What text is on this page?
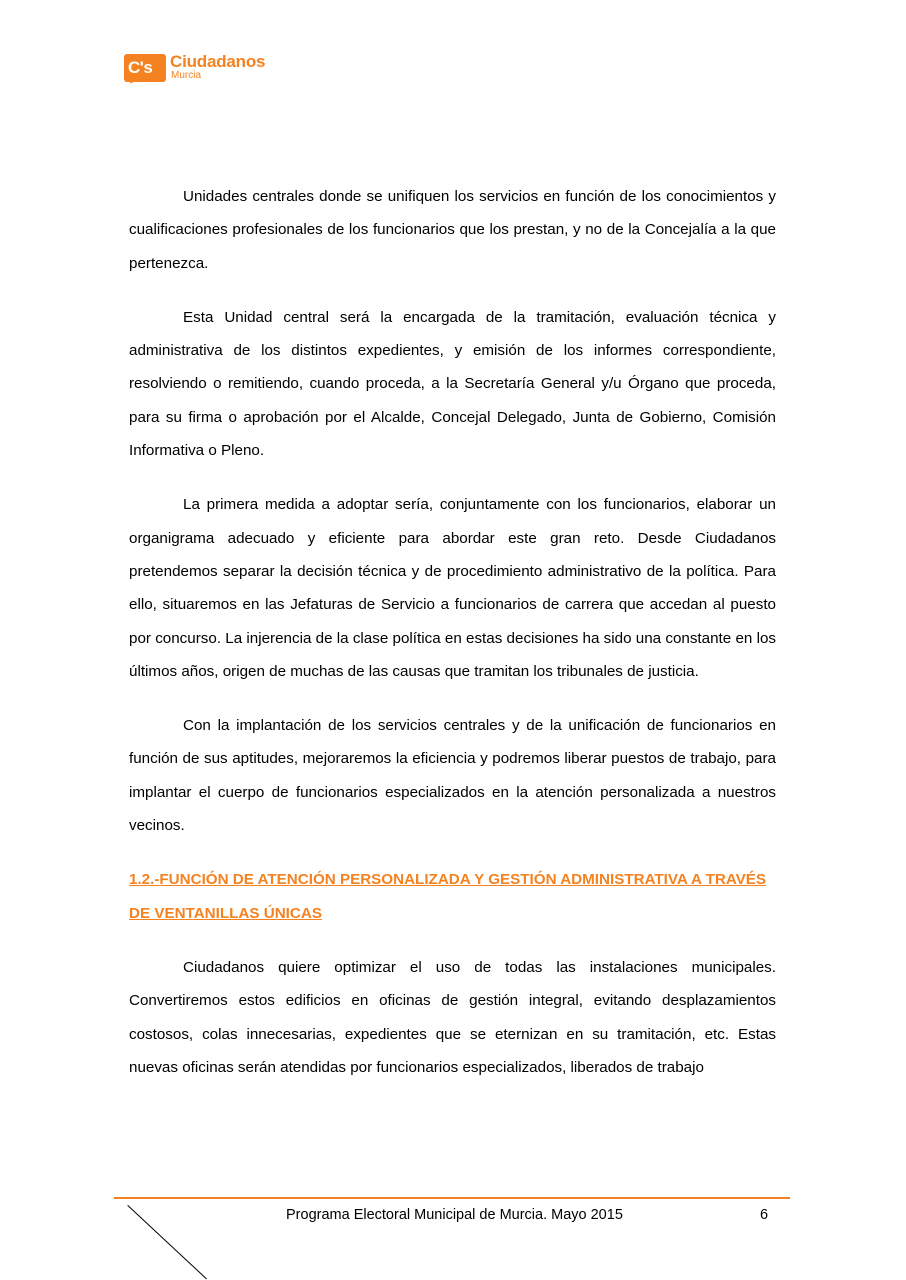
C's Ciudadanos
Murcia

Unidades centrales donde se unifiquen los servicios en función de los conocimientos y cualificaciones profesionales de los funcionarios que los prestan, y no de la Concejalía a la que pertenezca.

Esta Unidad central será la encargada de la tramitación, evaluación técnica y administrativa de los distintos expedientes, y emisión de los informes correspondiente, resolviendo o remitiendo, cuando proceda, a la Secretaría General y/u Órgano que proceda, para su firma o aprobación por el Alcalde, Concejal Delegado, Junta de Gobierno, Comisión Informativa o Pleno.

La primera medida a adoptar sería, conjuntamente con los funcionarios, elaborar un organigrama adecuado y eficiente para abordar este gran reto. Desde Ciudadanos pretendemos separar la decisión técnica y de procedimiento administrativo de la política. Para ello, situaremos en las Jefaturas de Servicio a funcionarios de carrera que accedan al puesto por concurso. La injerencia de la clase política en estas decisiones ha sido una constante en los últimos años, origen de muchas de las causas que tramitan los tribunales de justicia.

Con la implantación de los servicios centrales y de la unificación de funcionarios en función de sus aptitudes, mejoraremos la eficiencia y podremos liberar puestos de trabajo, para implantar el cuerpo de funcionarios especializados en la atención personalizada a nuestros vecinos.

1.2.-FUNCIÓN DE ATENCIÓN PERSONALIZADA Y GESTIÓN ADMINISTRATIVA A TRAVÉS DE VENTANILLAS ÚNICAS

Ciudadanos quiere optimizar el uso de todas las instalaciones municipales. Convertiremos estos edificios en oficinas de gestión integral, evitando desplazamientos costosos, colas innecesarias, expedientes que se eternizan en su tramitación, etc. Estas nuevas oficinas serán atendidas por funcionarios especializados, liberados de trabajo

Programa Electoral Municipal de Murcia. Mayo 2015	6
